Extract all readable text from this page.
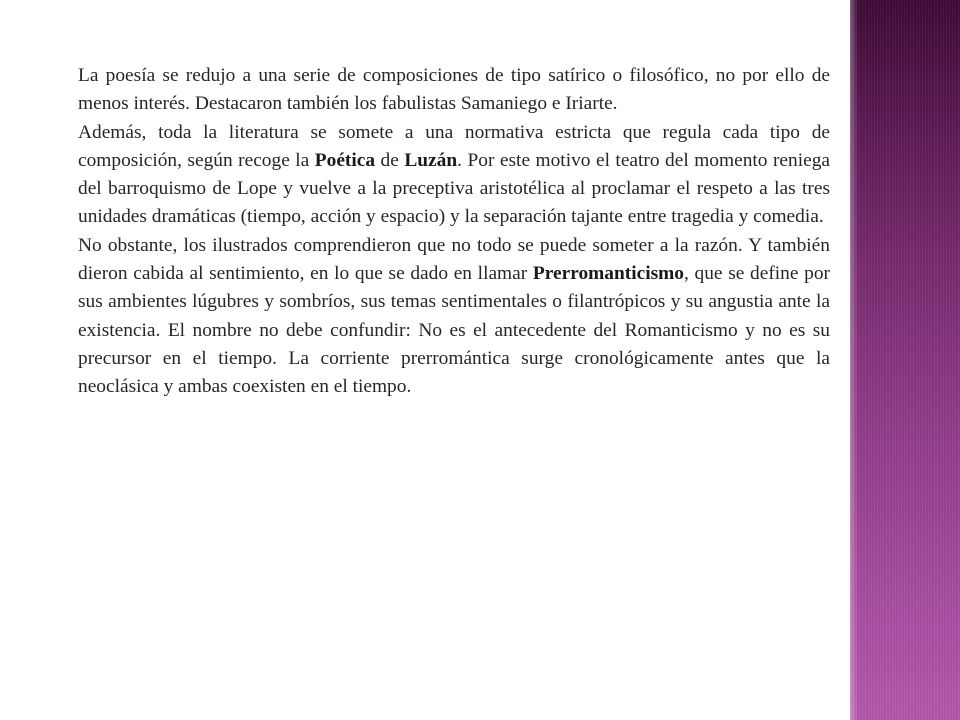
La poesía se redujo a una serie de composiciones de tipo satírico o filosófico, no por ello de menos interés. Destacaron también los fabulistas Samaniego e Iriarte.

Además, toda la literatura se somete a una normativa estricta que regula cada tipo de composición, según recoge la Poética de Luzán. Por este motivo el teatro del momento reniega del barroquismo de Lope y vuelve a la preceptiva aristotélica al proclamar el respeto a las tres unidades dramáticas (tiempo, acción y espacio) y la separación tajante entre tragedia y comedia.

No obstante, los ilustrados comprendieron que no todo se puede someter a la razón. Y también dieron cabida al sentimiento, en lo que se dado en llamar Prerromanticismo, que se define por sus ambientes lúgubres y sombríos, sus temas sentimentales o filantrópicos y su angustia ante la existencia. El nombre no debe confundir: No es el antecedente del Romanticismo y no es su precursor en el tiempo. La corriente prerromántica surge cronológicamente antes que la neoclásica y ambas coexisten en el tiempo.
